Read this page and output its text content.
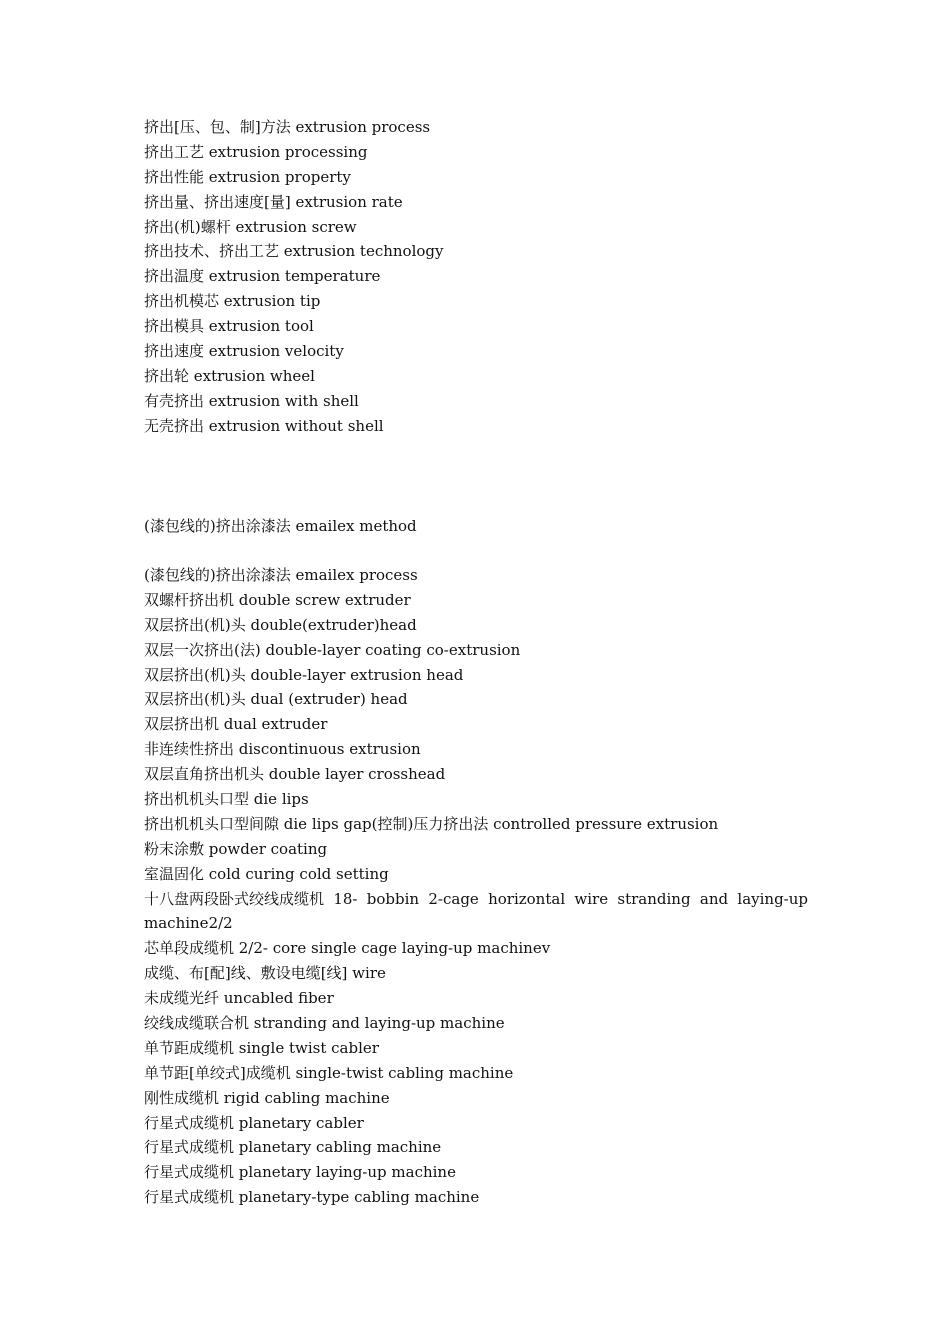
挤出[压、包、制]方法 extrusion process
挤出工艺 extrusion processing
挤出性能 extrusion property
挤出量、挤出速度[量] extrusion rate
挤出(机)螺杆 extrusion screw
挤出技术、挤出工艺 extrusion technology
挤出温度 extrusion temperature
挤出机模芯 extrusion tip
挤出模具 extrusion tool
挤出速度 extrusion velocity
挤出轮 extrusion wheel
有壳挤出 extrusion with shell
无壳挤出 extrusion without shell
(漆包线的)挤出涂漆法 emailex method
(漆包线的)挤出涂漆法 emailex process
双螺杆挤出机 double screw extruder
双层挤出(机)头 double(extruder)head
双层一次挤出(法) double-layer coating co-extrusion
双层挤出(机)头 double-layer extrusion head
双层挤出(机)头 dual (extruder) head
双层挤出机 dual extruder
非连续性挤出 discontinuous extrusion
双层直角挤出机头 double layer crosshead
挤出机机头口型 die lips
挤出机机头口型间隙 die lips gap(控制)压力挤出法 controlled pressure extrusion
粉末涂敷 powder coating
室温固化 cold curing cold setting
十八盘两段卧式绞线成缆机 18- bobbin 2-cage horizontal wire stranding and laying-up
machine2/2
芯单段成缆机 2/2- core single cage laying-up machinev
成缆、布[配]线、敷设电缆[线] wire
未成缆光纤 uncabled fiber
绞线成缆联合机 stranding and laying-up machine
单节距成缆机 single twist cabler
单节距[单绞式]成缆机 single-twist cabling machine
刚性成缆机 rigid cabling machine
行星式成缆机 planetary cabler
行星式成缆机 planetary cabling machine
行星式成缆机 planetary laying-up machine
行星式成缆机 planetary-type cabling machine
